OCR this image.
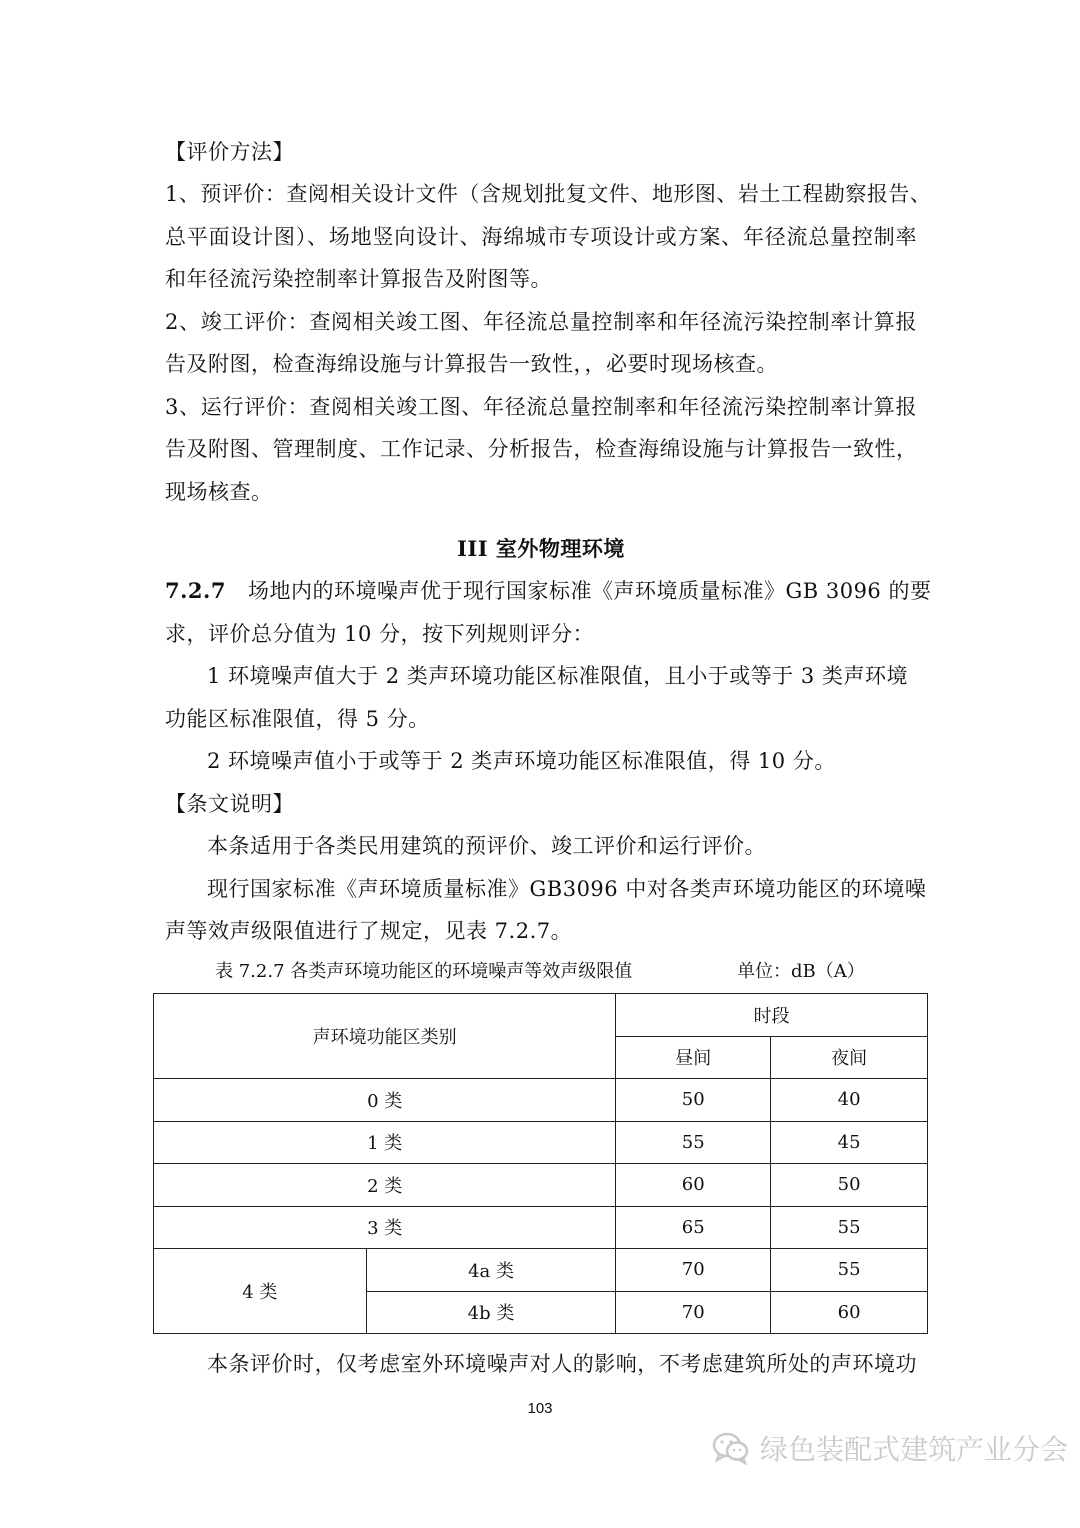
【评价方法】
1、预评价：查阅相关设计文件（含规划批复文件、地形图、岩土工程勘察报告、
总平面设计图）、场地竖向设计、海绵城市专项设计或方案、年径流总量控制率
和年径流污染控制率计算报告及附图等。
2、竣工评价：查阅相关竣工图、年径流总量控制率和年径流污染控制率计算报
告及附图，检查海绵设施与计算报告一致性，，必要时现场核查。
3、运行评价：查阅相关竣工图、年径流总量控制率和年径流污染控制率计算报
告及附图、管理制度、工作记录、分析报告，检查海绵设施与计算报告一致性，
现场核查。
III 室外物理环境
7.2.7 场地内的环境噪声优于现行国家标准《声环境质量标准》GB 3096 的要
求，评价总分值为 10 分，按下列规则评分：
1 环境噪声值大于 2 类声环境功能区标准限值，且小于或等于 3 类声环境
功能区标准限值，得 5 分。
2 环境噪声值小于或等于 2 类声环境功能区标准限值，得 10 分。
【条文说明】
本条适用于各类民用建筑的预评价、竣工评价和运行评价。
现行国家标准《声环境质量标准》GB3096 中对各类声环境功能区的环境噪
声等效声级限值进行了规定，见表 7.2.7。
表 7.2.7 各类声环境功能区的环境噪声等效声级限值	单位：dB（A）
声环境功能区类别		时段	
		昼间	夜间
0 类		50	40
1 类		55	45
2 类		60	50
3 类		65	55
4 类	4a 类	70	55
	4b 类	70	60
本条评价时，仅考虑室外环境噪声对人的影响，不考虑建筑所处的声环境功
103
绿色装配式建筑产业分会
